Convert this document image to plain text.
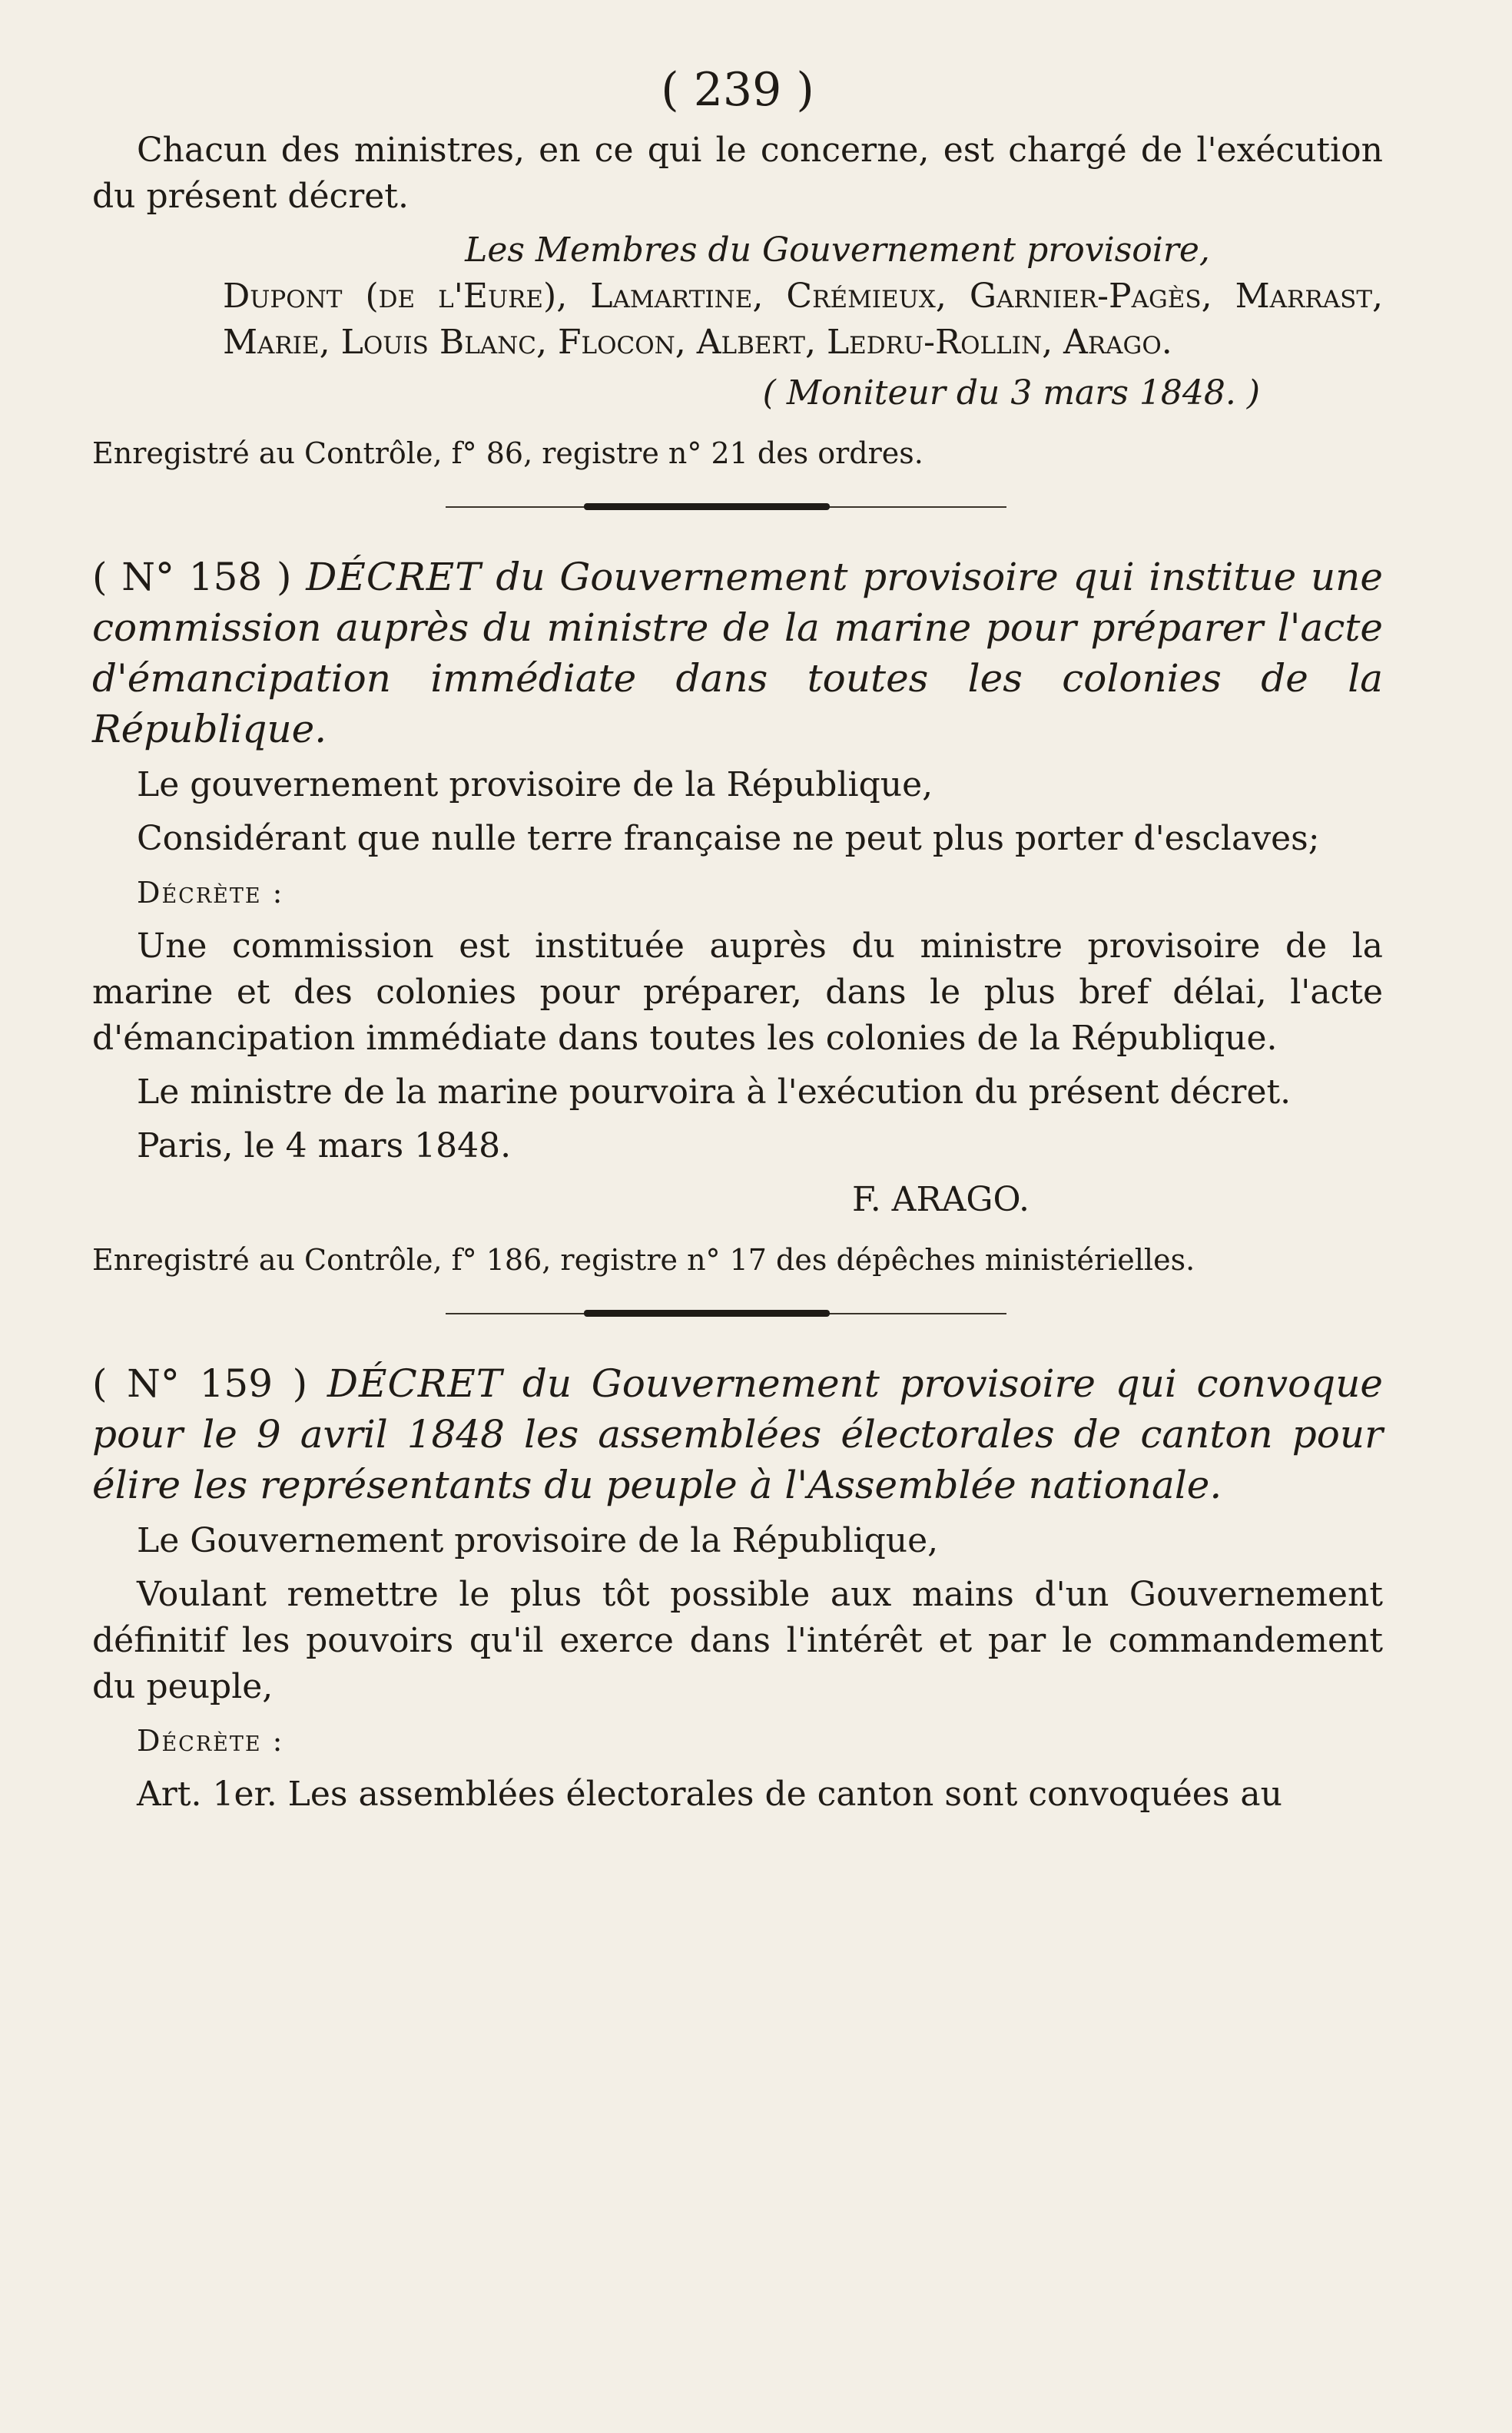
( 239 )

Chacun des ministres, en ce qui le concerne, est chargé de l'exécution du présent décret.

Les Membres du Gouvernement provisoire,

Dupont (de l'Eure), Lamartine, Crémieux, Garnier-Pagès, Marrast, Marie, Louis Blanc, Flocon, Albert, Ledru-Rollin, Arago.

( Moniteur du 3 mars 1848. )

Enregistré au Contrôle, f° 86, registre n° 21 des ordres.

( N° 158 ) DÉCRET du Gouvernement provisoire qui institue une commission auprès du ministre de la marine pour préparer l'acte d'émancipation immédiate dans toutes les colonies de la République.

Le gouvernement provisoire de la République,

Considérant que nulle terre française ne peut plus porter d'esclaves;

Décrète :

Une commission est instituée auprès du ministre provisoire de la marine et des colonies pour préparer, dans le plus bref délai, l'acte d'émancipation immédiate dans toutes les colonies de la République.

Le ministre de la marine pourvoira à l'exécution du présent décret.

Paris, le 4 mars 1848.

F. ARAGO.

Enregistré au Contrôle, f° 186, registre n° 17 des dépêches ministérielles.

( N° 159 ) DÉCRET du Gouvernement provisoire qui convoque pour le 9 avril 1848 les assemblées électorales de canton pour élire les représentants du peuple à l'Assemblée nationale.

Le Gouvernement provisoire de la République,

Voulant remettre le plus tôt possible aux mains d'un Gouvernement définitif les pouvoirs qu'il exerce dans l'intérêt et par le commandement du peuple,

Décrète :

Art. 1er. Les assemblées électorales de canton sont convoquées au
